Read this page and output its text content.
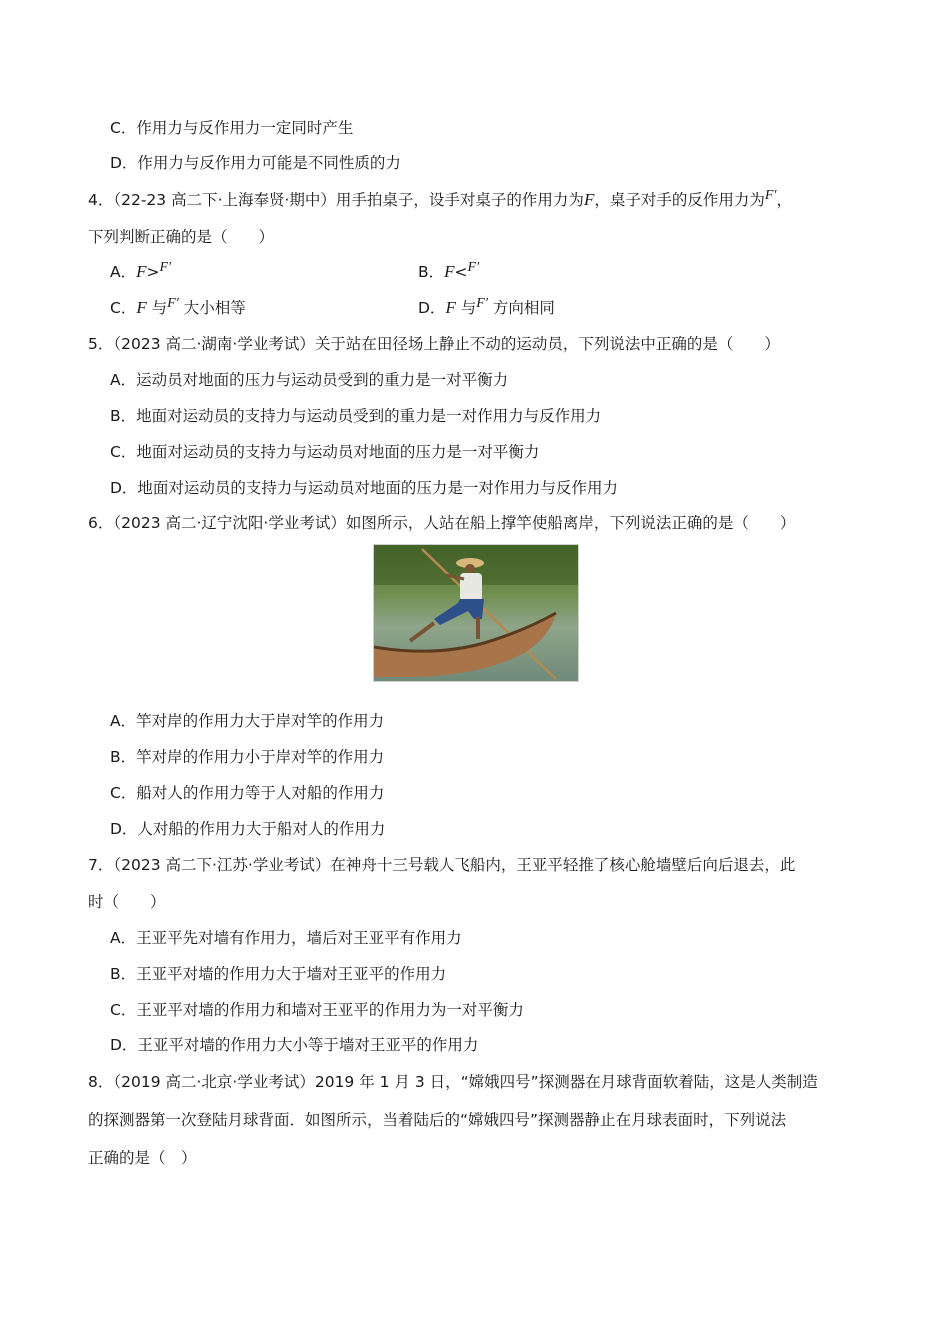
C．作用力与反作用力一定同时产生
D．作用力与反作用力可能是不同性质的力
4．（22-23 高二下·上海奉贤·期中）用手拍桌子，设手对桌子的作用力为F，桌子对手的反作用力为F′，
下列判断正确的是（　　）
A．F>F′	B．F<F′
C．F 与F′ 大小相等	D．F 与F′ 方向相同
5．（2023 高二·湖南·学业考试）关于站在田径场上静止不动的运动员，下列说法中正确的是（　　）
A．运动员对地面的压力与运动员受到的重力是一对平衡力
B．地面对运动员的支持力与运动员受到的重力是一对作用力与反作用力
C．地面对运动员的支持力与运动员对地面的压力是一对平衡力
D．地面对运动员的支持力与运动员对地面的压力是一对作用力与反作用力
6．（2023 高二·辽宁沈阳·学业考试）如图所示，人站在船上撑竿使船离岸，下列说法正确的是（　　）
A．竿对岸的作用力大于岸对竿的作用力
B．竿对岸的作用力小于岸对竿的作用力
C．船对人的作用力等于人对船的作用力
D．人对船的作用力大于船对人的作用力
7．（2023 高二下·江苏·学业考试）在神舟十三号载人飞船内，王亚平轻推了核心舱墙壁后向后退去，此
时（　　）
A．王亚平先对墙有作用力，墙后对王亚平有作用力
B．王亚平对墙的作用力大于墙对王亚平的作用力
C．王亚平对墙的作用力和墙对王亚平的作用力为一对平衡力
D．王亚平对墙的作用力大小等于墙对王亚平的作用力
8．（2019 高二·北京·学业考试）2019 年 1 月 3 日，“嫦娥四号”探测器在月球背面软着陆，这是人类制造
的探测器第一次登陆月球背面．如图所示，当着陆后的“嫦娥四号”探测器静止在月球表面时，下列说法
正确的是（　）
